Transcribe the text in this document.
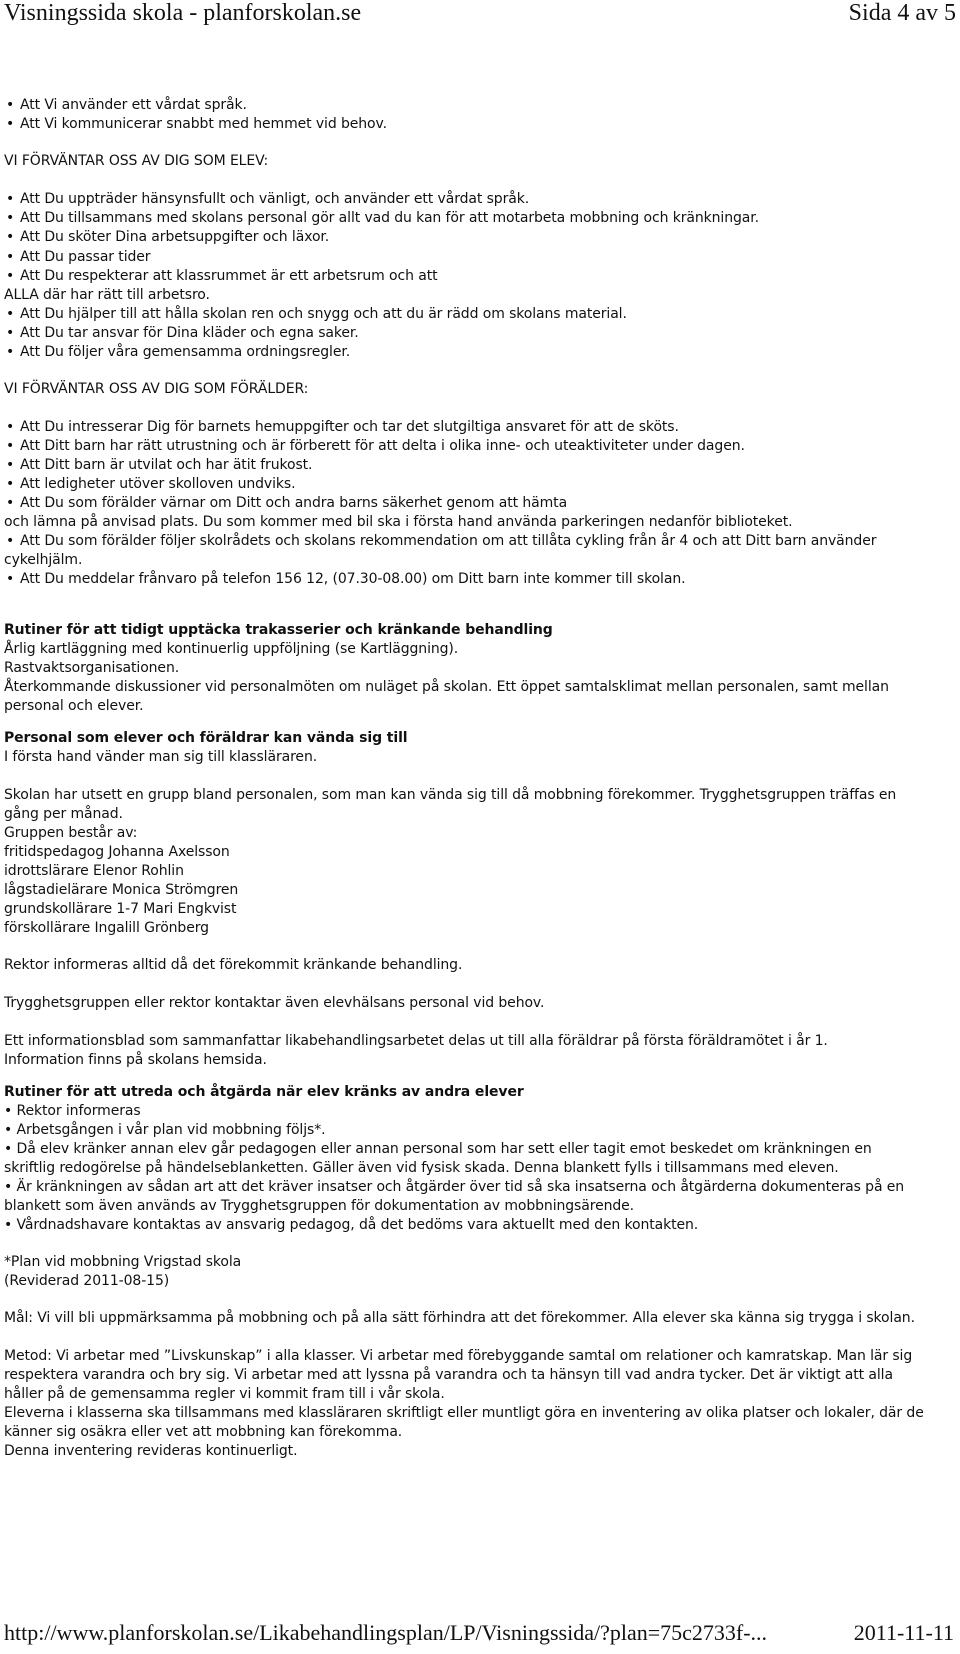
Visningssida skola - planforskolan.se	Sida 4 av 5
• Att Vi använder ett vårdat språk.
• Att Vi kommunicerar snabbt med hemmet vid behov.
VI FÖRVÄNTAR OSS AV DIG SOM ELEV:
• Att Du uppträder hänsynsfullt och vänligt, och använder ett vårdat språk.
• Att Du tillsammans med skolans personal gör allt vad du kan för att motarbeta mobbning och kränkningar.
• Att Du sköter Dina arbetsuppgifter och läxor.
• Att Du passar tider
• Att Du respekterar att klassrummet är ett arbetsrum och att
ALLA där har rätt till arbetsro.
• Att Du hjälper till att hålla skolan ren och snygg och att du är rädd om skolans material.
• Att Du tar ansvar för Dina kläder och egna saker.
• Att Du följer våra gemensamma ordningsregler.
VI FÖRVÄNTAR OSS AV DIG SOM FÖRÄLDER:
• Att Du intresserar Dig för barnets hemuppgifter och tar det slutgiltiga ansvaret för att de sköts.
• Att Ditt barn har rätt utrustning och är förberett för att delta i olika inne- och uteaktiviteter under dagen.
• Att Ditt barn är utvilat och har ätit frukost.
• Att ledigheter utöver skolloven undviks.
• Att Du som förälder värnar om Ditt och andra barns säkerhet genom att hämta
och lämna på anvisad plats. Du som kommer med bil ska i första hand använda parkeringen nedanför biblioteket.
• Att Du som förälder följer skolrådets och skolans rekommendation om att tillåta cykling från år 4 och att Ditt barn använder
cykelhjälm.
• Att Du meddelar frånvaro på telefon 156 12, (07.30-08.00) om Ditt barn inte kommer till skolan.
Rutiner för att tidigt upptäcka trakasserier och kränkande behandling
Årlig kartläggning med kontinuerlig uppföljning (se Kartläggning).
Rastvaktsorganisationen.
Återkommande diskussioner vid personalmöten om nuläget på skolan. Ett öppet samtalsklimat mellan personalen, samt mellan
personal och elever.
Personal som elever och föräldrar kan vända sig till
I första hand vänder man sig till klassläraren.
Skolan har utsett en grupp bland personalen, som man kan vända sig till då mobbning förekommer. Trygghetsgruppen träffas en
gång per månad.
Gruppen består av:
fritidspedagog Johanna Axelsson
idrottslärare Elenor Rohlin
lågstadielärare Monica Strömgren
grundskollärare 1-7 Mari Engkvist
förskollärare Ingalill Grönberg
Rektor informeras alltid då det förekommit kränkande behandling.
Trygghetsgruppen eller rektor kontaktar även elevhälsans personal vid behov.
Ett informationsblad som sammanfattar likabehandlingsarbetet delas ut till alla föräldrar på första föräldramötet i år 1.
Information finns på skolans hemsida.
Rutiner för att utreda och åtgärda när elev kränks av andra elever
• Rektor informeras
• Arbetsgången i vår plan vid mobbning följs*.
• Då elev kränker annan elev går pedagogen eller annan personal som har sett eller tagit emot beskedet om kränkningen en
skriftlig redogörelse på händelseblanketten. Gäller även vid fysisk skada. Denna blankett fylls i tillsammans med eleven.
• Är kränkningen av sådan art att det kräver insatser och åtgärder över tid så ska insatserna och åtgärderna dokumenteras på en
blankett som även används av Trygghetsgruppen för dokumentation av mobbningsärende.
• Vårdnadshavare kontaktas av ansvarig pedagog, då det bedöms vara aktuellt med den kontakten.
*Plan vid mobbning Vrigstad skola
(Reviderad 2011-08-15)
Mål: Vi vill bli uppmärksamma på mobbning och på alla sätt förhindra att det förekommer. Alla elever ska känna sig trygga i skolan.
Metod: Vi arbetar med ”Livskunskap” i alla klasser. Vi arbetar med förebyggande samtal om relationer och kamratskap. Man lär sig
respektera varandra och bry sig. Vi arbetar med att lyssna på varandra och ta hänsyn till vad andra tycker. Det är viktigt att alla
håller på de gemensamma regler vi kommit fram till i vår skola.
Eleverna i klasserna ska tillsammans med klassläraren skriftligt eller muntligt göra en inventering av olika platser och lokaler, där de
känner sig osäkra eller vet att mobbning kan förekomma.
Denna inventering revideras kontinuerligt.
http://www.planforskolan.se/Likabehandlingsplan/LP/Visningssida/?plan=75c2733f-...	2011-11-11
